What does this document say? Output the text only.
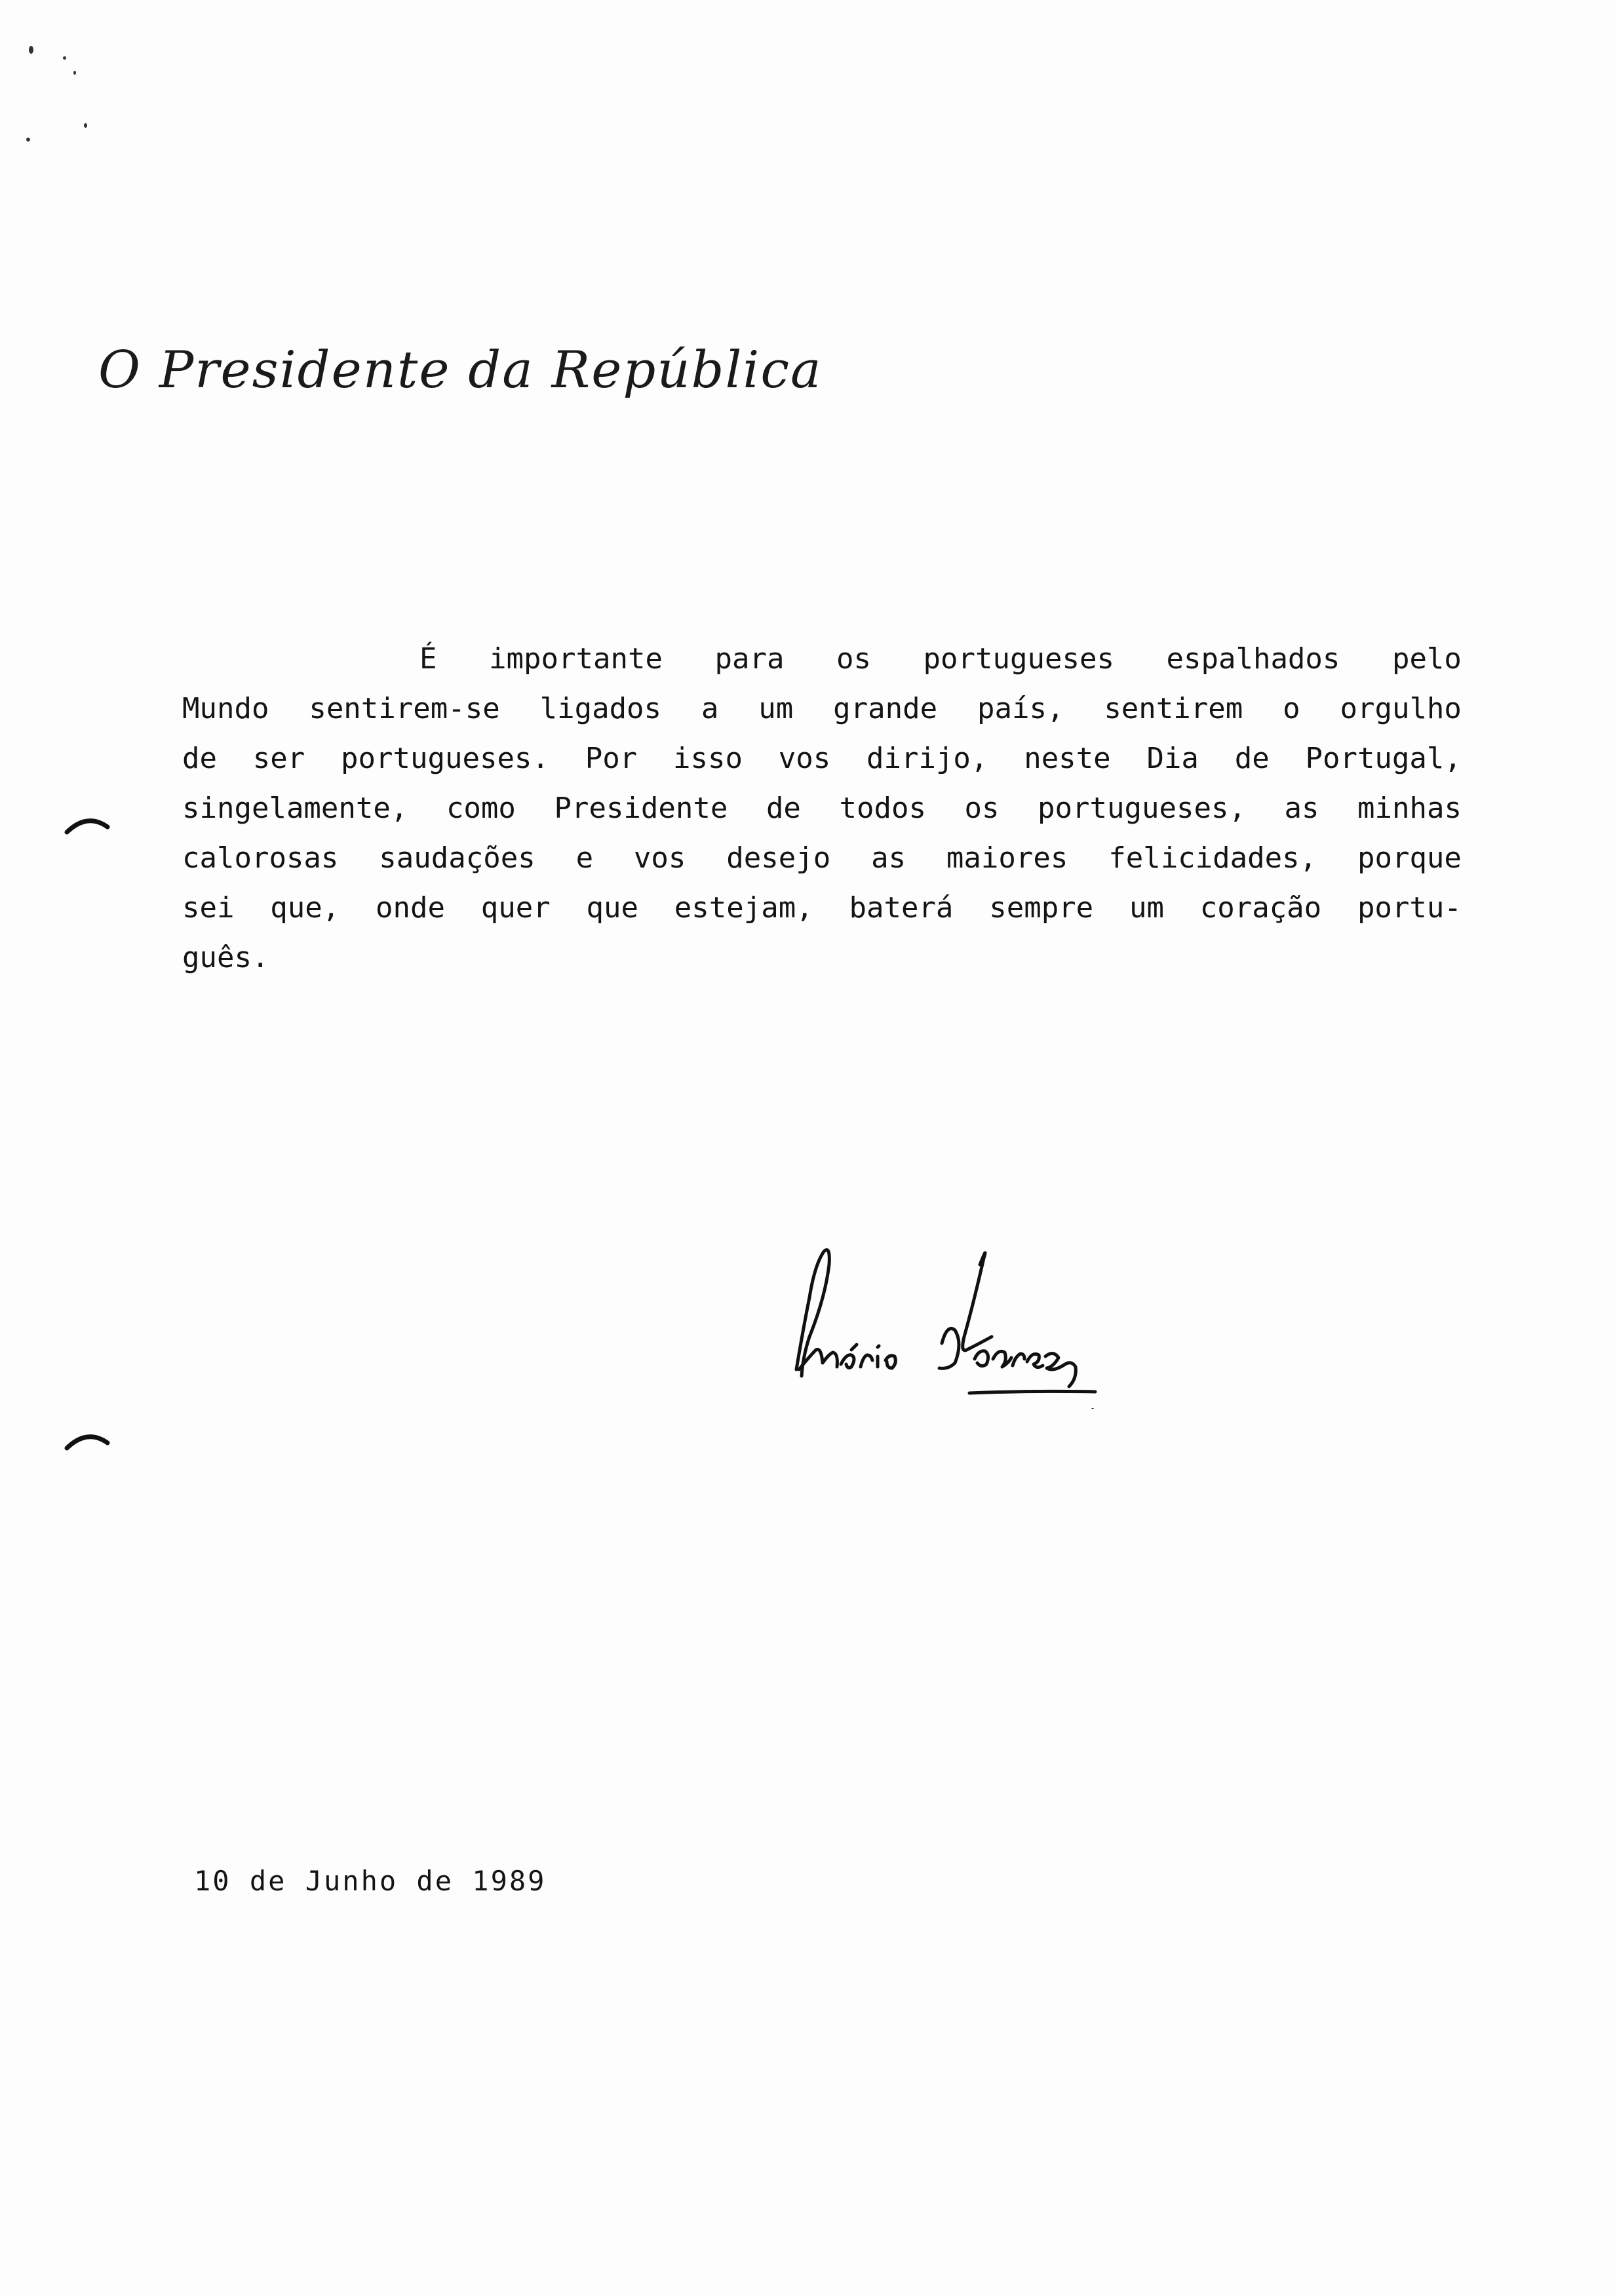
O Presidente da República
É importante para os portugueses espalhados pelo
Mundo sentirem-se ligados a um grande país, sentirem o orgulho
de ser portugueses. Por isso vos dirijo, neste Dia de Portugal,
singelamente, como Presidente de todos os portugueses, as minhas
calorosas saudações e vos desejo as maiores felicidades, porque
sei que, onde quer que estejam, baterá sempre um coração portu-
guês.
10 de Junho de 1989
